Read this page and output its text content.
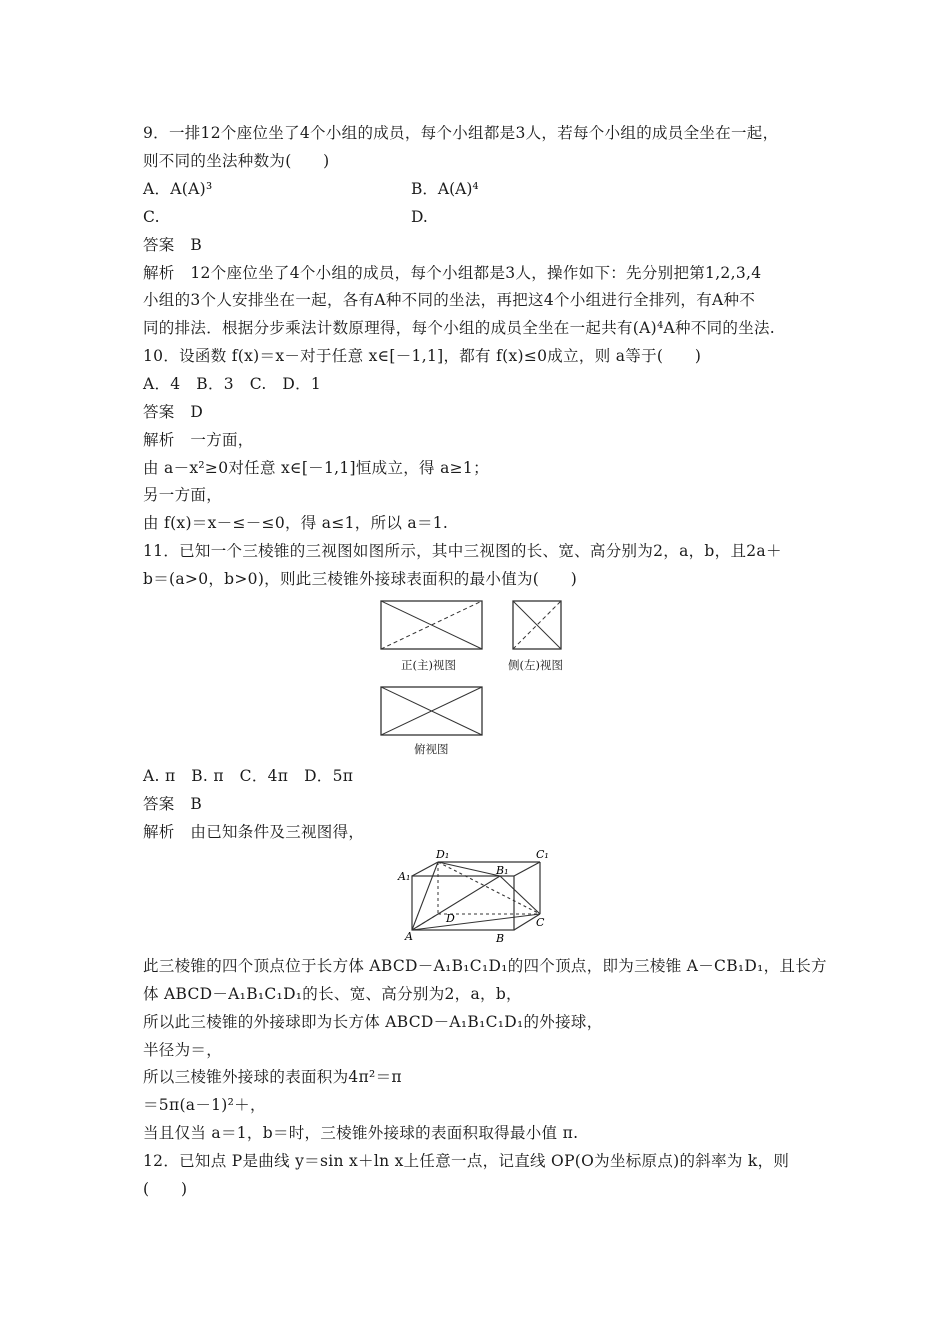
9．一排12个座位坐了4个小组的成员，每个小组都是3人，若每个小组的成员全坐在一起，
则不同的坐法种数为(　　)
A．A(A)³	B．A(A)⁴
C.	D.
答案　B
解析　12个座位坐了4个小组的成员，每个小组都是3人，操作如下：先分别把第1,2,3,4
小组的3个人安排坐在一起，各有A种不同的坐法，再把这4个小组进行全排列，有A种不
同的排法．根据分步乘法计数原理得，每个小组的成员全坐在一起共有(A)⁴A种不同的坐法.
10．设函数 f(x)＝x－对于任意 x∈[－1,1]，都有 f(x)≤0成立，则 a等于(　　)
A．4　B．3　C.　D．1
答案　D
解析　一方面，
由 a－x²≥0对任意 x∈[－1,1]恒成立，得 a≥1；
另一方面，
由 f(x)＝x－≤－≤0，得 a≤1，所以 a＝1.
11．已知一个三棱锥的三视图如图所示，其中三视图的长、宽、高分别为2，a，b，且2a＋
b＝(a>0，b>0)，则此三棱锥外接球表面积的最小值为(　　)
正(主)视图	侧(左)视图
俯视图
A. π　B. π　C．4π　D．5π
答案　B
解析　由已知条件及三视图得，
A₁
D₁	C₁
B₁
A
D	C
B
此三棱锥的四个顶点位于长方体 ABCD－A₁B₁C₁D₁的四个顶点，即为三棱锥 A－CB₁D₁，且长方
体 ABCD－A₁B₁C₁D₁的长、宽、高分别为2，a，b，
所以此三棱锥的外接球即为长方体 ABCD－A₁B₁C₁D₁的外接球，
半径为＝，
所以三棱锥外接球的表面积为4π²＝π
＝5π(a－1)²＋，
当且仅当 a＝1，b＝时，三棱锥外接球的表面积取得最小值 π.
12．已知点 P是曲线 y＝sin x＋ln x上任意一点，记直线 OP(O为坐标原点)的斜率为 k，则
(　　)
